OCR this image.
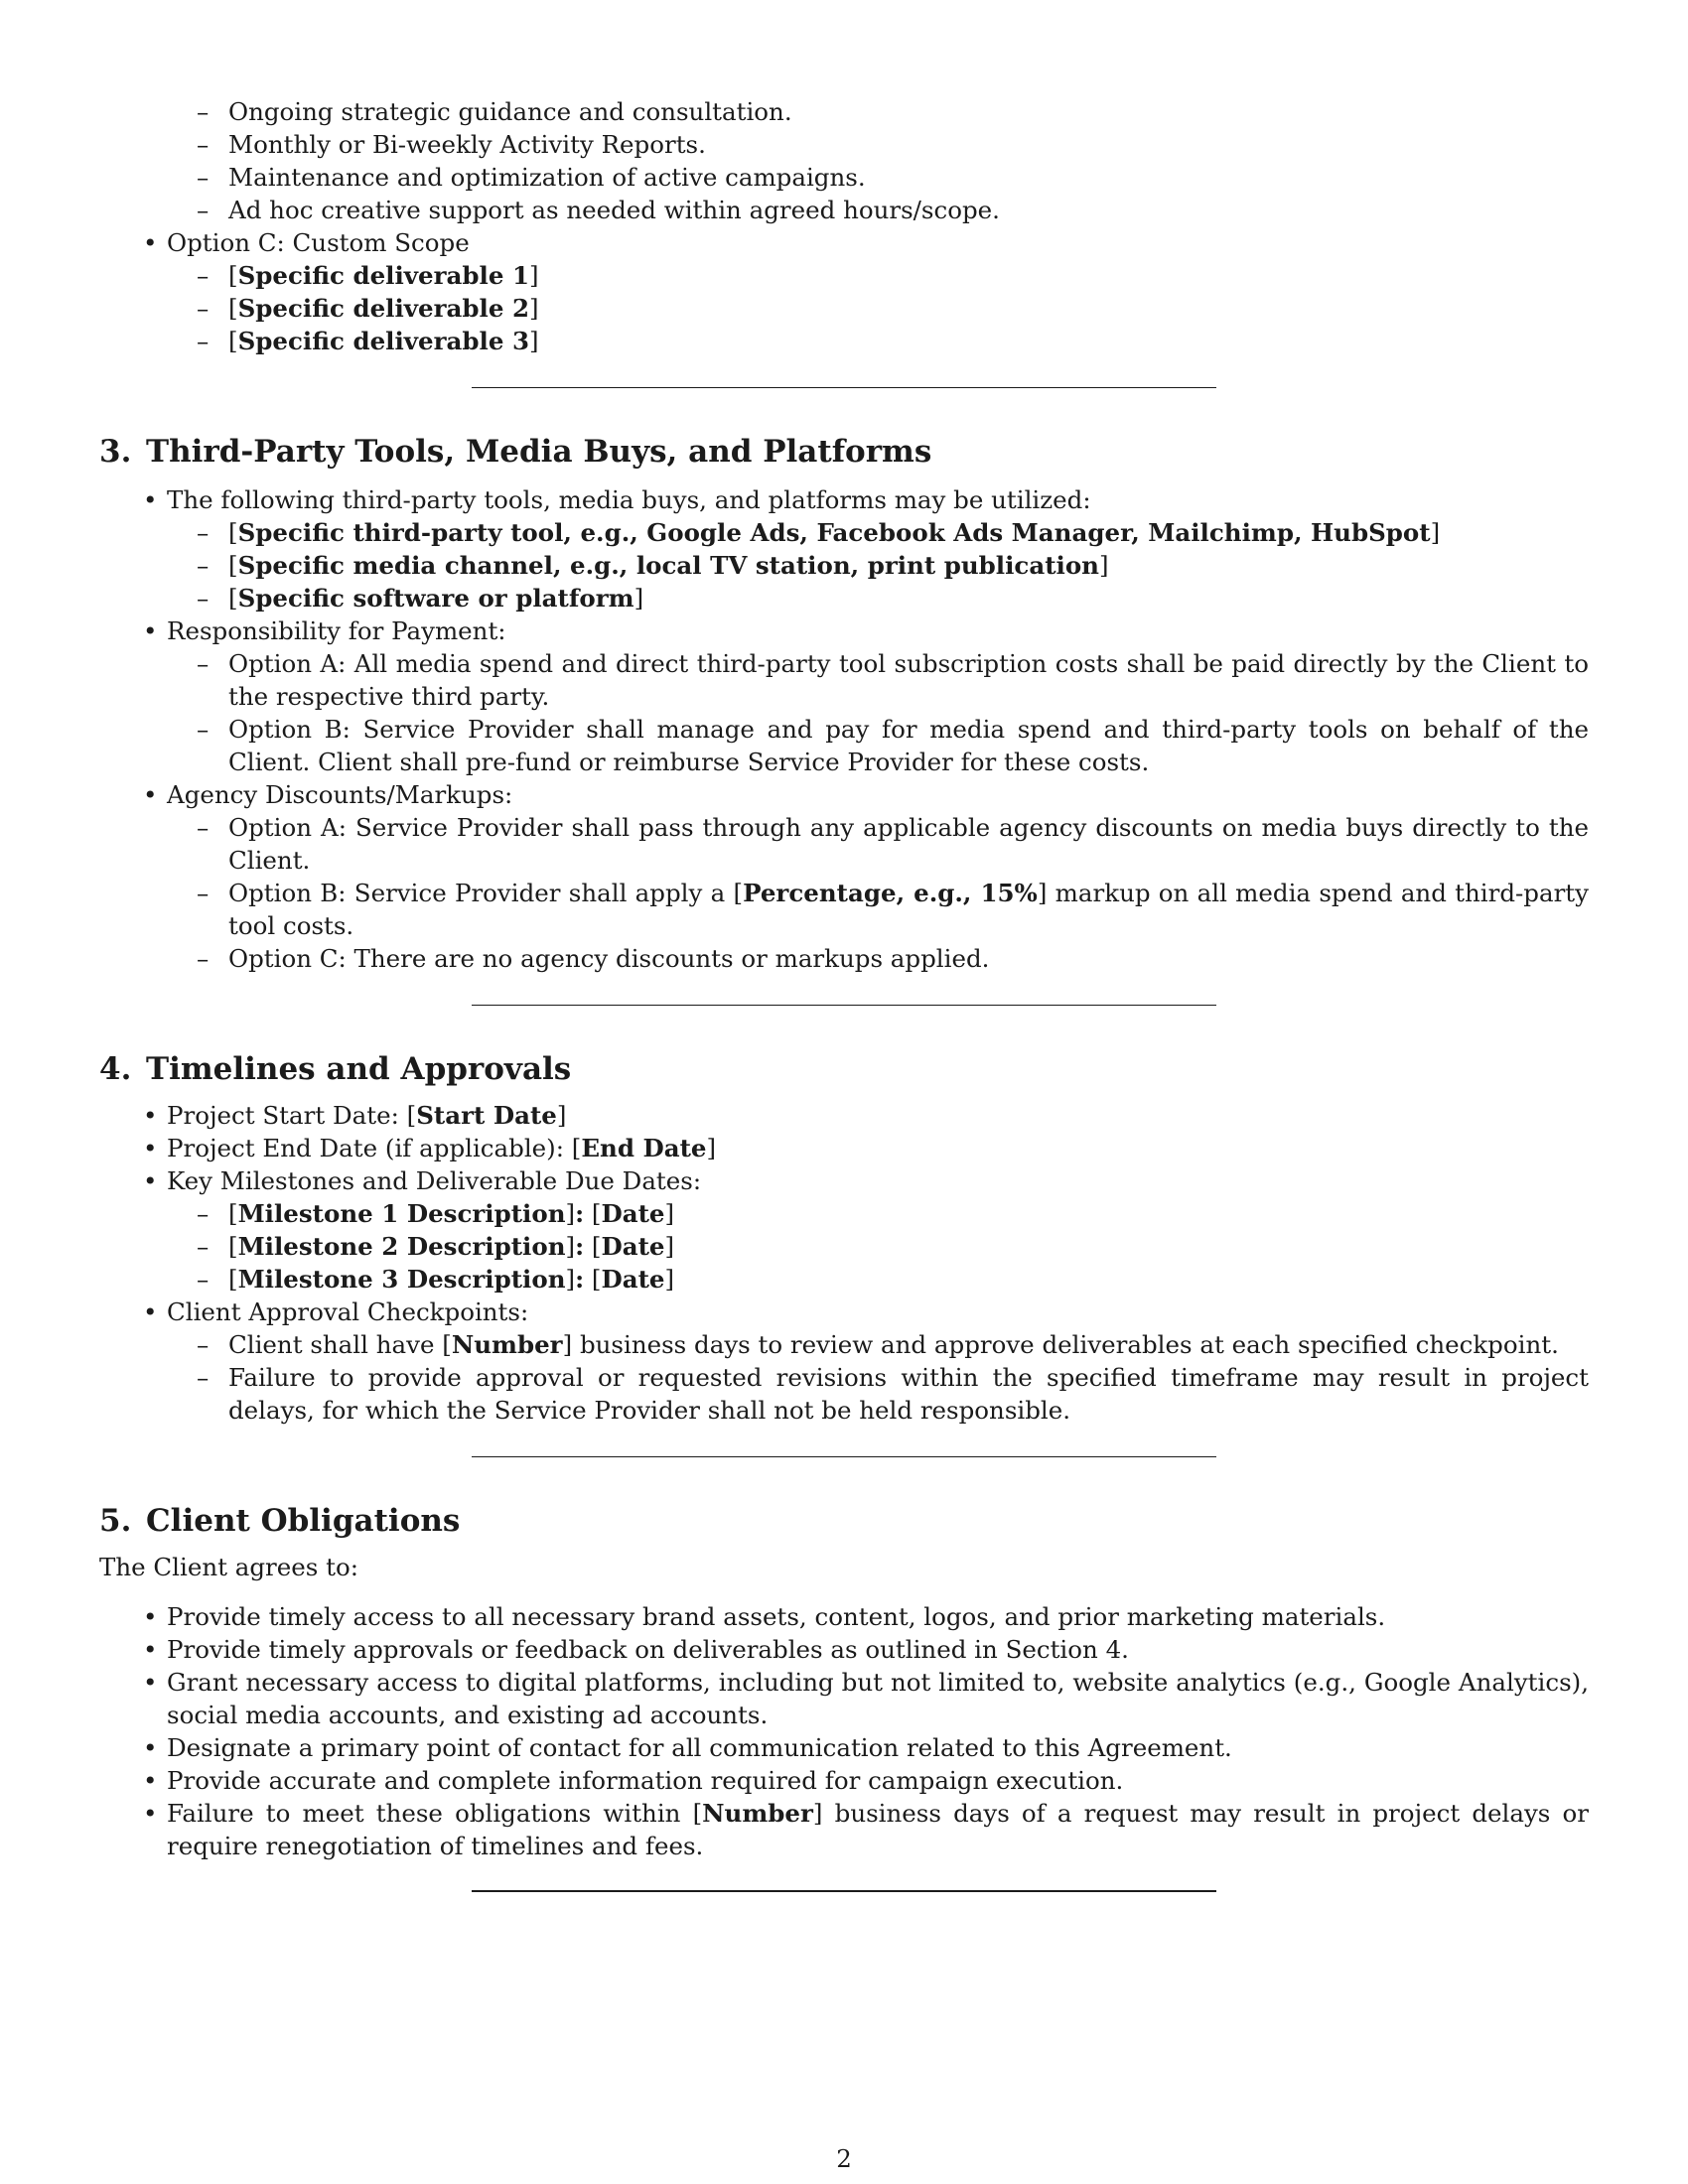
– Ongoing strategic guidance and consultation.
– Monthly or Bi-weekly Activity Reports.
– Maintenance and optimization of active campaigns.
– Ad hoc creative support as needed within agreed hours/scope.
• Option C: Custom Scope
– [Specific deliverable 1]
– [Specific deliverable 2]
– [Specific deliverable 3]
3. Third-Party Tools, Media Buys, and Platforms
• The following third-party tools, media buys, and platforms may be utilized:
– [Specific third-party tool, e.g., Google Ads, Facebook Ads Manager, Mailchimp, HubSpot]
– [Specific media channel, e.g., local TV station, print publication]
– [Specific software or platform]
• Responsibility for Payment:
– Option A: All media spend and direct third-party tool subscription costs shall be paid directly by the Client to the respective third party.
– Option B: Service Provider shall manage and pay for media spend and third-party tools on behalf of the Client. Client shall pre-fund or reimburse Service Provider for these costs.
• Agency Discounts/Markups:
– Option A: Service Provider shall pass through any applicable agency discounts on media buys directly to the Client.
– Option B: Service Provider shall apply a [Percentage, e.g., 15%] markup on all media spend and third-party tool costs.
– Option C: There are no agency discounts or markups applied.
4. Timelines and Approvals
• Project Start Date: [Start Date]
• Project End Date (if applicable): [End Date]
• Key Milestones and Deliverable Due Dates:
– [Milestone 1 Description]: [Date]
– [Milestone 2 Description]: [Date]
– [Milestone 3 Description]: [Date]
• Client Approval Checkpoints:
– Client shall have [Number] business days to review and approve deliverables at each specified checkpoint.
– Failure to provide approval or requested revisions within the specified timeframe may result in project delays, for which the Service Provider shall not be held responsible.
5. Client Obligations

The Client agrees to:

• Provide timely access to all necessary brand assets, content, logos, and prior marketing materials.
• Provide timely approvals or feedback on deliverables as outlined in Section 4.
• Grant necessary access to digital platforms, including but not limited to, website analytics (e.g., Google Analytics), social media accounts, and existing ad accounts.
• Designate a primary point of contact for all communication related to this Agreement.
• Provide accurate and complete information required for campaign execution.
• Failure to meet these obligations within [Number] business days of a request may result in project delays or require renegotiation of timelines and fees.
2
